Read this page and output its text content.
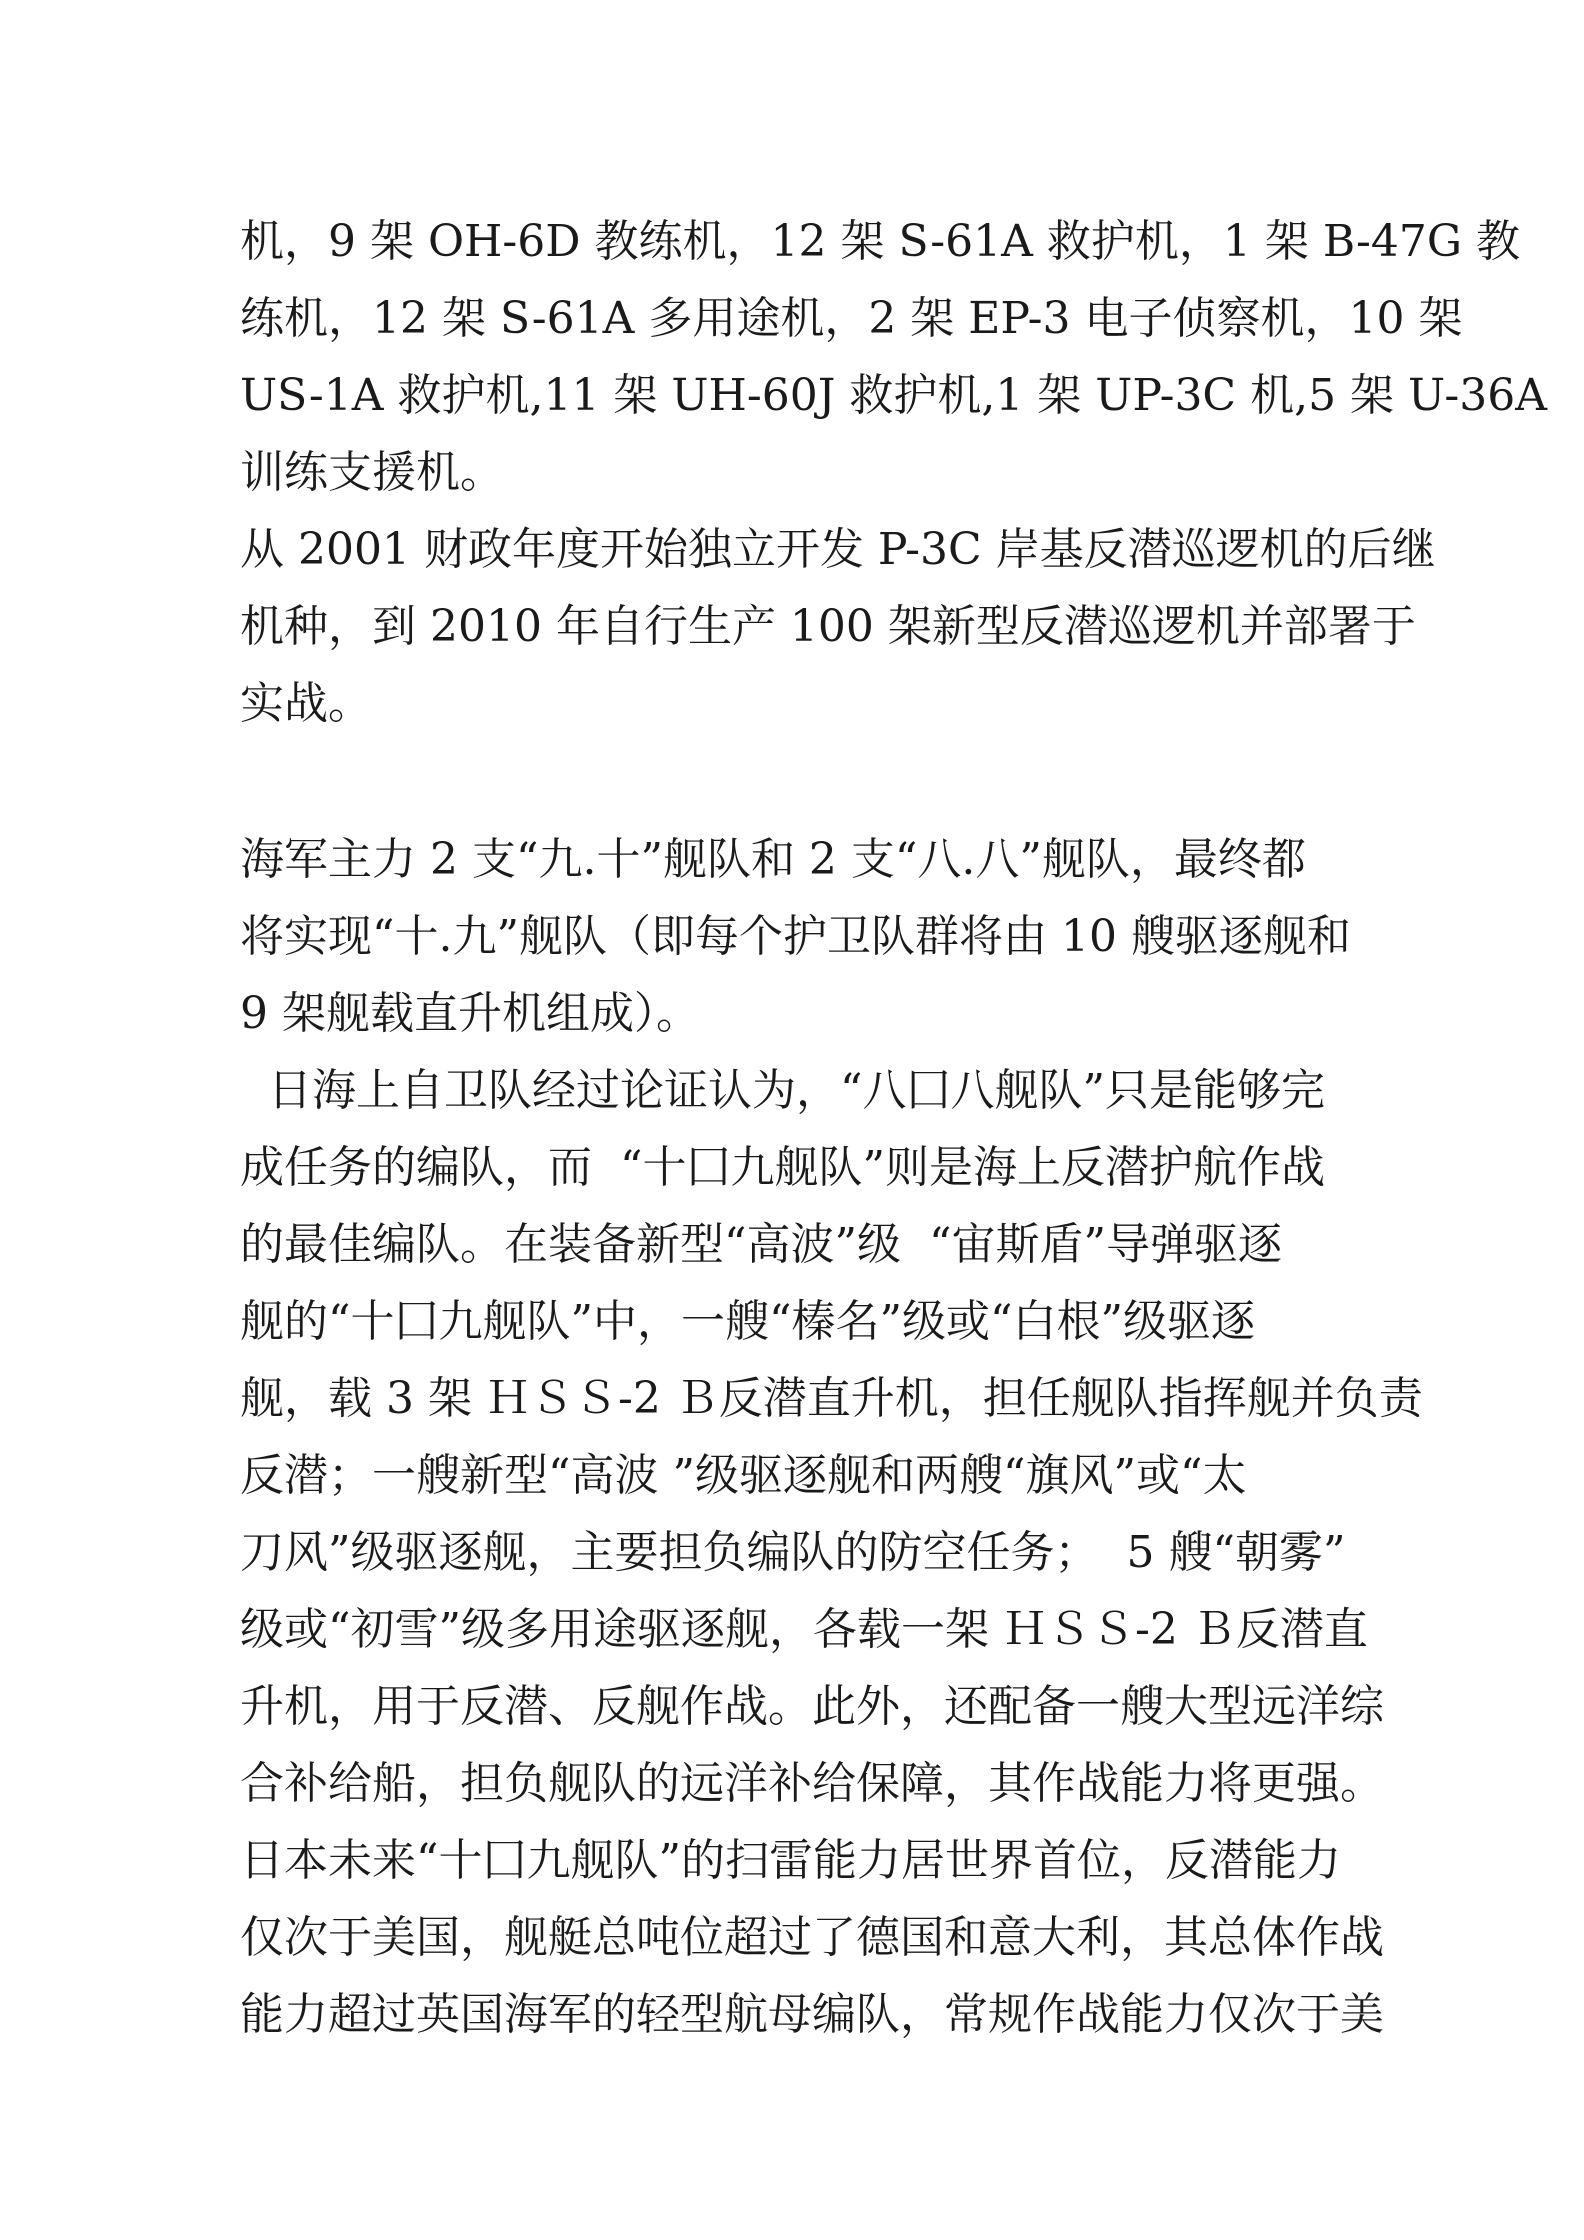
机，9 架 OH-6D 教练机，12 架 S-61A 救护机，1 架 B-47G 教
练机，12 架 S-61A 多用途机，2 架 EP-3 电子侦察机，10 架
US-1A 救护机,11 架 UH-60J 救护机,1 架 UP-3C 机,5 架 U-36A
训练支援机。
从 2001 财政年度开始独立开发 P-3C 岸基反潜巡逻机的后继
机种，到 2010 年自行生产 100 架新型反潜巡逻机并部署于
实战。
海军主力 2 支“九.十”舰队和 2 支“八.八”舰队，最终都
将实现“十.九”舰队（即每个护卫队群将由 10 艘驱逐舰和
9 架舰载直升机组成）。
日海上自卫队经过论证认为，“八囗八舰队”只是能够完
成任务的编队，而  “十囗九舰队”则是海上反潜护航作战
的最佳编队。在装备新型“高波”级  “宙斯盾”导弹驱逐
舰的“十囗九舰队”中，一艘“榛名”级或“白根”级驱逐
舰，载 3 架 ＨＳＳ-2 Ｂ反潜直升机，担任舰队指挥舰并负责
反潜；一艘新型“高波 ”级驱逐舰和两艘“旗风”或“太
刀风”级驱逐舰，主要担负编队的防空任务；  5 艘“朝雾”
级或“初雪”级多用途驱逐舰，各载一架 ＨＳＳ-2 Ｂ反潜直
升机，用于反潜、反舰作战。此外，还配备一艘大型远洋综
合补给船，担负舰队的远洋补给保障，其作战能力将更强。
日本未来“十囗九舰队”的扫雷能力居世界首位，反潜能力
仅次于美国，舰艇总吨位超过了德国和意大利，其总体作战
能力超过英国海军的轻型航母编队，常规作战能力仅次于美
